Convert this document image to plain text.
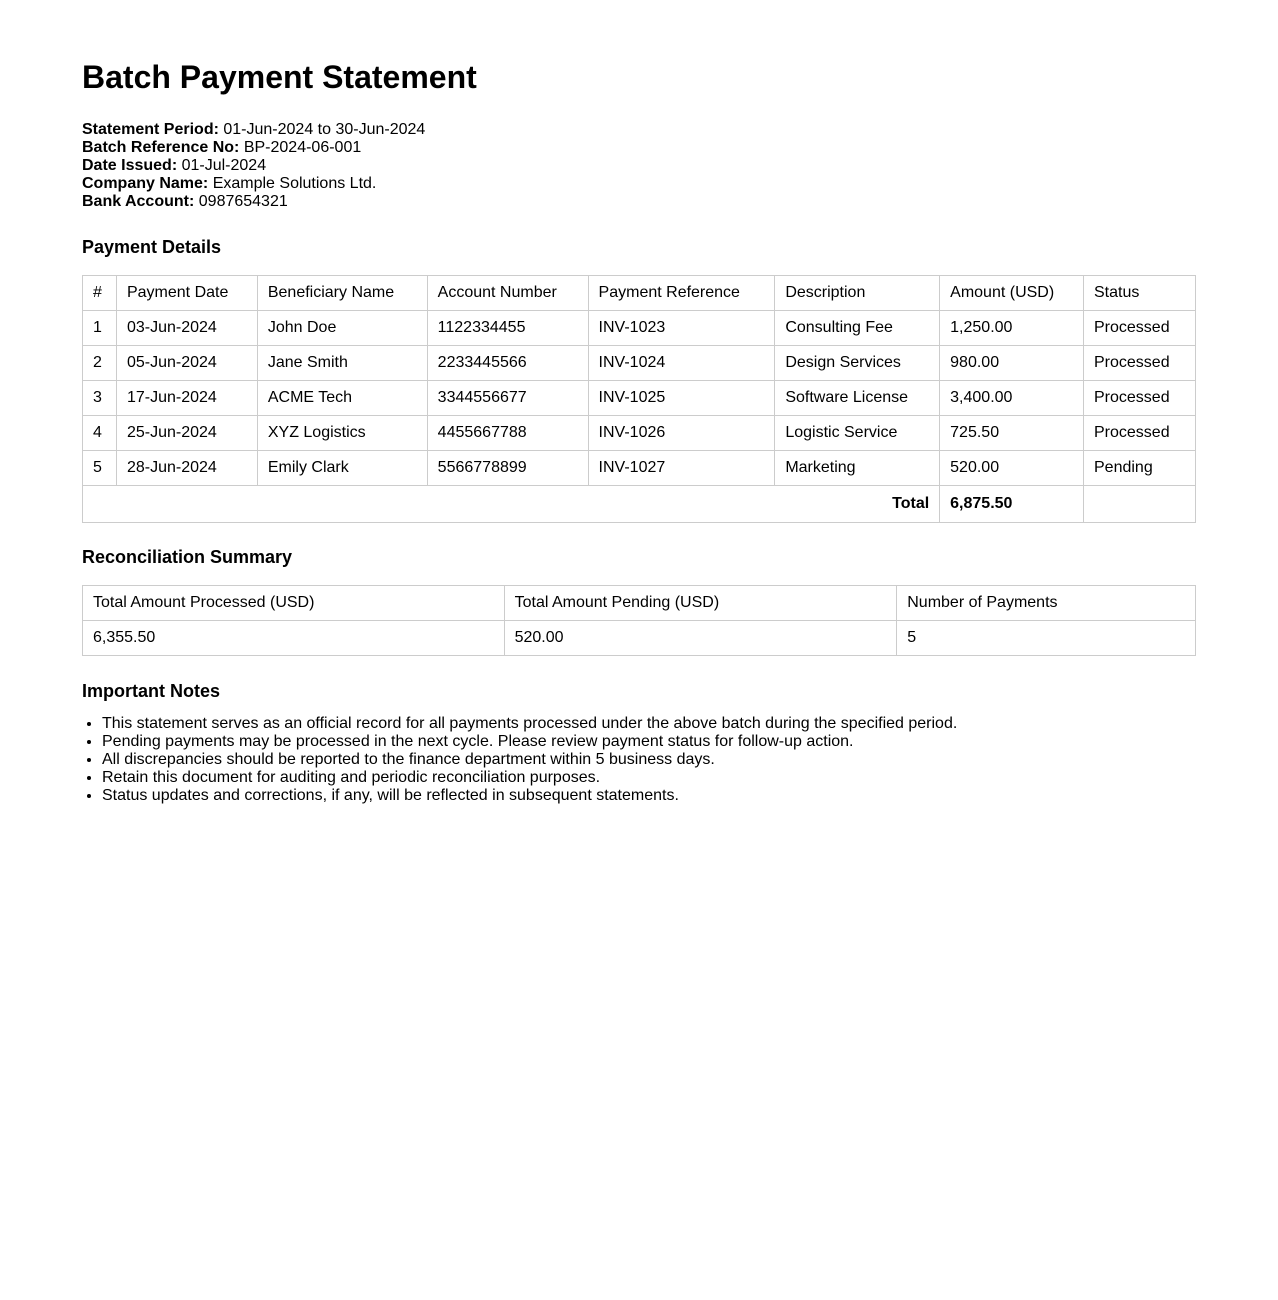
Batch Payment Statement
Statement Period: 01-Jun-2024 to 30-Jun-2024
Batch Reference No: BP-2024-06-001
Date Issued: 01-Jul-2024
Company Name: Example Solutions Ltd.
Bank Account: 0987654321
Payment Details
#	Payment Date	Beneficiary Name	Account Number	Payment Reference	Description	Amount (USD)	Status
1	03-Jun-2024	John Doe	1122334455	INV-1023	Consulting Fee	1,250.00	Processed
2	05-Jun-2024	Jane Smith	2233445566	INV-1024	Design Services	980.00	Processed
3	17-Jun-2024	ACME Tech	3344556677	INV-1025	Software License	3,400.00	Processed
4	25-Jun-2024	XYZ Logistics	4455667788	INV-1026	Logistic Service	725.50	Processed
5	28-Jun-2024	Emily Clark	5566778899	INV-1027	Marketing	520.00	Pending
Total						6,875.50	
Reconciliation Summary
Total Amount Processed (USD)	Total Amount Pending (USD)	Number of Payments
6,355.50	520.00	5
Important Notes
• This statement serves as an official record for all payments processed under the above batch during the specified period.
• Pending payments may be processed in the next cycle. Please review payment status for follow-up action.
• All discrepancies should be reported to the finance department within 5 business days.
• Retain this document for auditing and periodic reconciliation purposes.
• Status updates and corrections, if any, will be reflected in subsequent statements.
